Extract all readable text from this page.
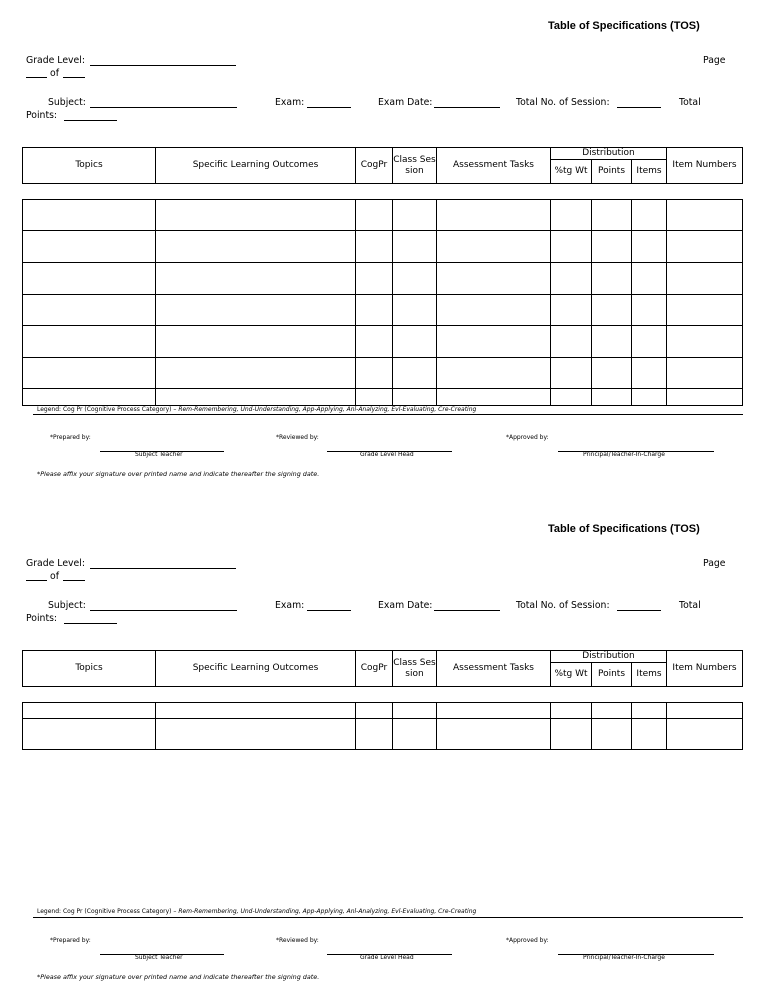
Table of Specifications (TOS)
Grade Level:	Page
of
Subject:	Exam:	Exam Date:	Total No. of Session:	Total
Points:
Topics	Specific Learning Outcomes	CogPr	Class Session	Assessment Tasks	Distribution			Item Numbers
					%tg Wt	Points	Items	

Legend: Cog Pr (Cognitive Process Category) – Rem-Remembering, Und-Understanding, App-Applying, Anl-Analyzing, Evl-Evaluating, Cre-Creating
*Prepared by:	*Reviewed by:	*Approved by:
Subject Teacher	Grade Level Head	Principal/Teacher-In-Charge
*Please affix your signature over printed name and indicate thereafter the signing date.
Table of Specifications (TOS)
Grade Level:	Page
of
Subject:	Exam:	Exam Date:	Total No. of Session:	Total
Points:
Topics	Specific Learning Outcomes	CogPr	Class Session	Assessment Tasks	Distribution			Item Numbers
					%tg Wt	Points	Items	

Legend: Cog Pr (Cognitive Process Category) – Rem-Remembering, Und-Understanding, App-Applying, Anl-Analyzing, Evl-Evaluating, Cre-Creating
*Prepared by:	*Reviewed by:	*Approved by:
Subject Teacher	Grade Level Head	Principal/Teacher-In-Charge
*Please affix your signature over printed name and indicate thereafter the signing date.
